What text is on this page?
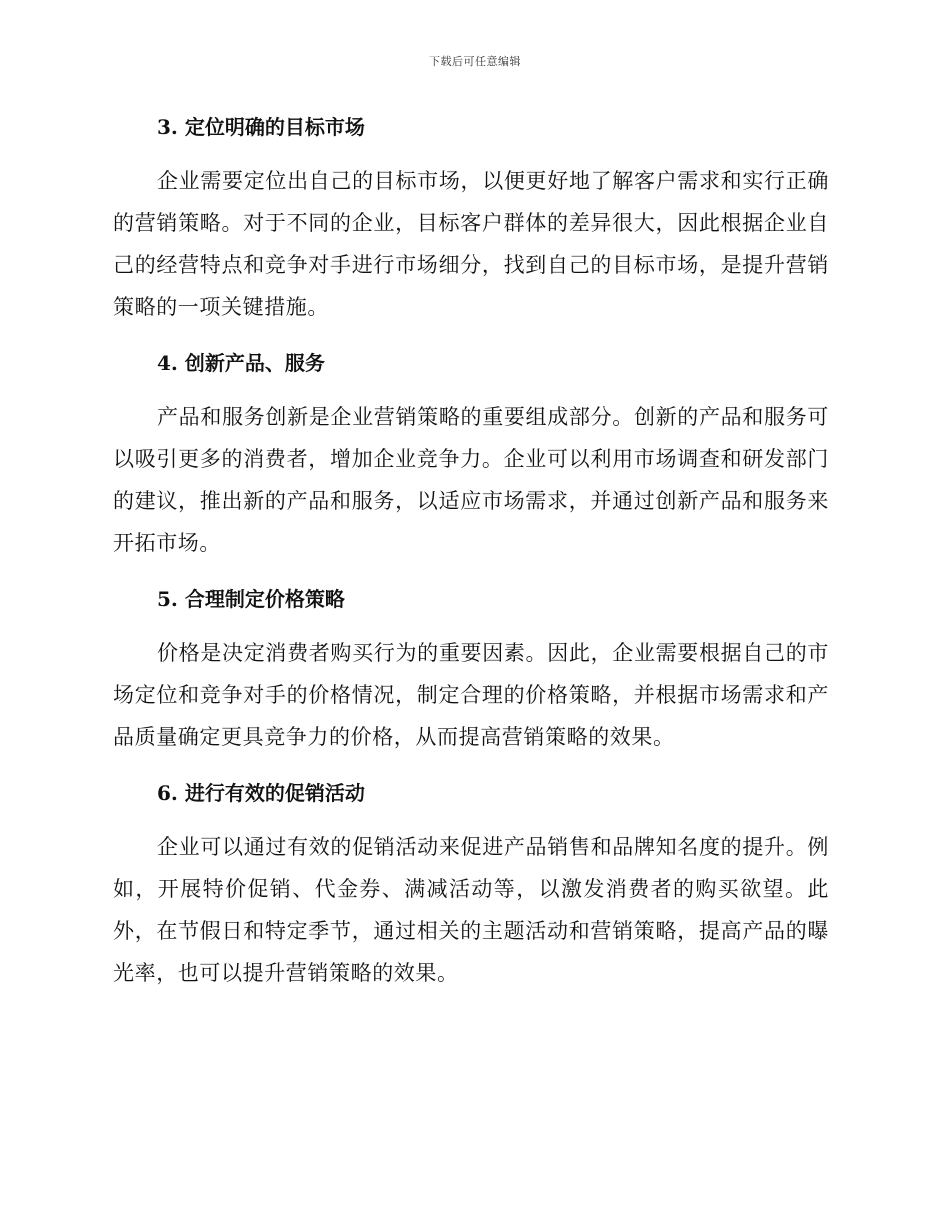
下载后可任意编辑
3. 定位明确的目标市场

企业需要定位出自己的目标市场，以便更好地了解客户需求和实行正确的营销策略。对于不同的企业，目标客户群体的差异很大，因此根据企业自己的经营特点和竞争对手进行市场细分，找到自己的目标市场，是提升营销策略的一项关键措施。

4. 创新产品、服务

产品和服务创新是企业营销策略的重要组成部分。创新的产品和服务可以吸引更多的消费者，增加企业竞争力。企业可以利用市场调查和研发部门的建议，推出新的产品和服务，以适应市场需求，并通过创新产品和服务来开拓市场。

5. 合理制定价格策略

价格是决定消费者购买行为的重要因素。因此，企业需要根据自己的市场定位和竞争对手的价格情况，制定合理的价格策略，并根据市场需求和产品质量确定更具竞争力的价格，从而提高营销策略的效果。

6. 进行有效的促销活动

企业可以通过有效的促销活动来促进产品销售和品牌知名度的提升。例如，开展特价促销、代金券、满减活动等，以激发消费者的购买欲望。此外，在节假日和特定季节，通过相关的主题活动和营销策略，提高产品的曝光率，也可以提升营销策略的效果。
